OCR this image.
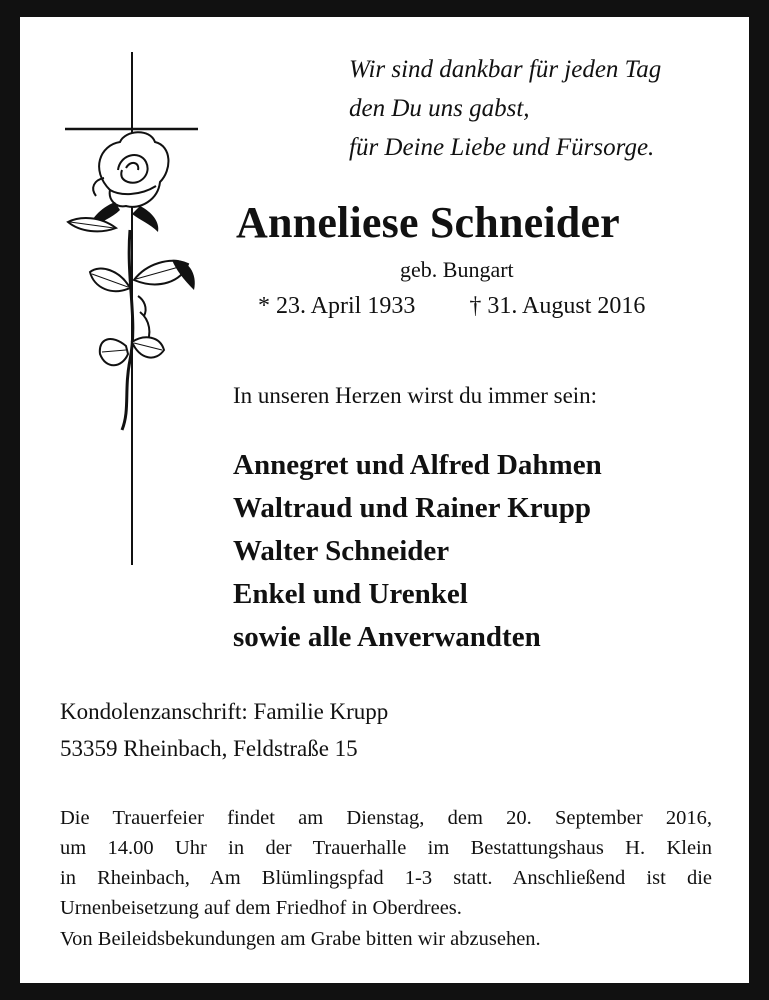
Wir sind dankbar für jeden Tag
den Du uns gabst,
für Deine Liebe und Fürsorge.
Anneliese Schneider
geb. Bungart
* 23. April 1933 † 31. August 2016
In unseren Herzen wirst du immer sein:
Annegret und Alfred Dahmen
Waltraud und Rainer Krupp
Walter Schneider
Enkel und Urenkel
sowie alle Anverwandten
Kondolenzanschrift: Familie Krupp
53359 Rheinbach, Feldstraße 15
Die Trauerfeier findet am Dienstag, dem 20. September 2016,
um 14.00 Uhr in der Trauerhalle im Bestattungshaus H. Klein
in Rheinbach, Am Blümlingspfad 1-3 statt. Anschließend ist die
Urnenbeisetzung auf dem Friedhof in Oberdrees.
Von Beileidsbekundungen am Grabe bitten wir abzusehen.
